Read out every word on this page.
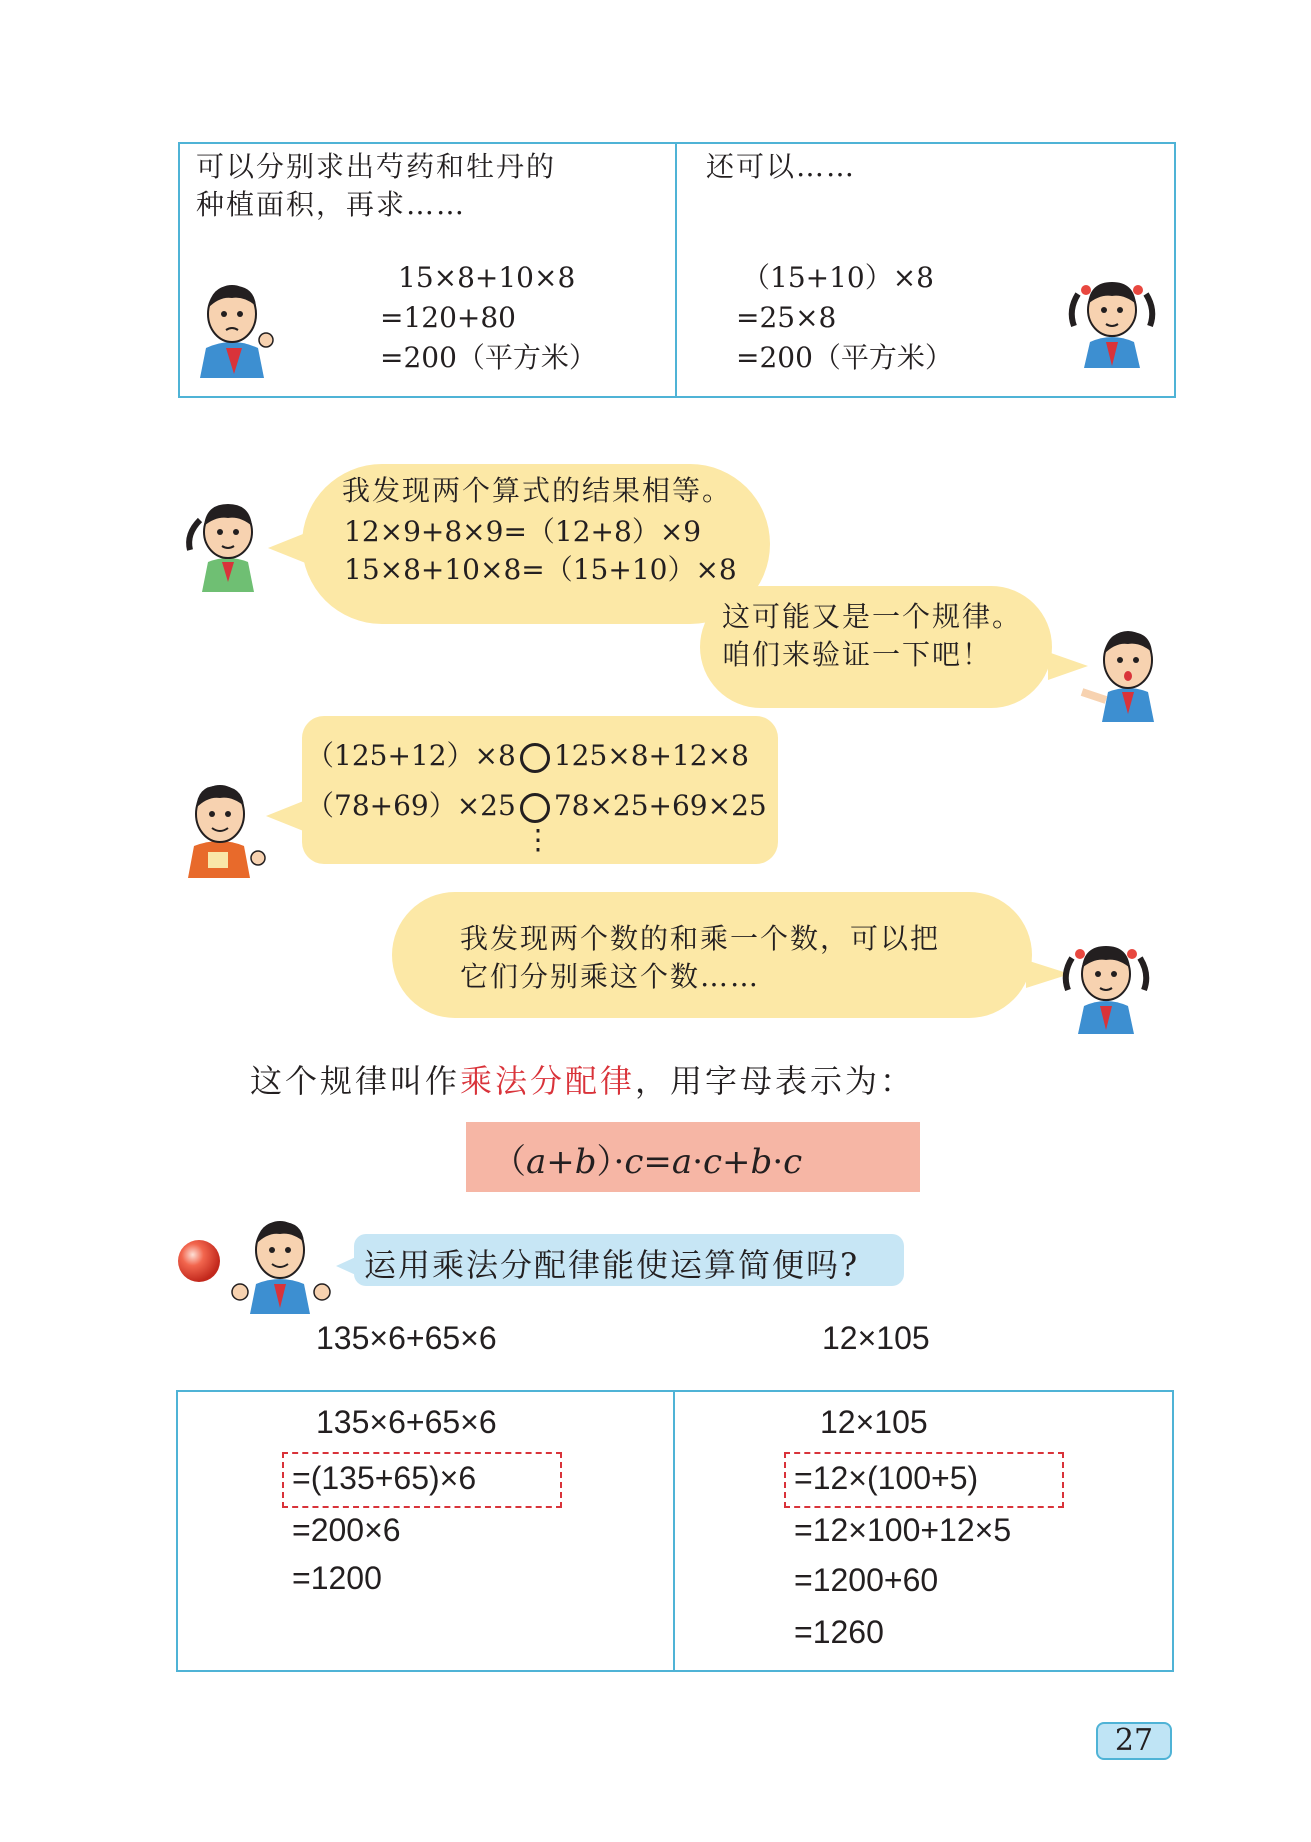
可以分别求出芍药和牡丹的
种植面积，再求……
15×8+10×8
=120+80
=200（平方米）
还可以……
（15+10）×8
=25×8
=200（平方米）
我发现两个算式的结果相等。
12×9+8×9=（12+8）×9
15×8+10×8=（15+10）×8
这可能又是一个规律。
咱们来验证一下吧！
（125+12）×8 125×8+12×8
（78+69）×25 78×25+69×25
⋮
我发现两个数的和乘一个数，可以把
它们分别乘这个数……
这个规律叫作乘法分配律，用字母表示为：
（a+b）·c=a·c+b·c
运用乘法分配律能使运算简便吗?
135×6+65×6	12×105
135×6+65×6
=(135+65)×6
=200×6
=1200
12×105
=12×(100+5)
=12×100+12×5
=1200+60
=1260
27
